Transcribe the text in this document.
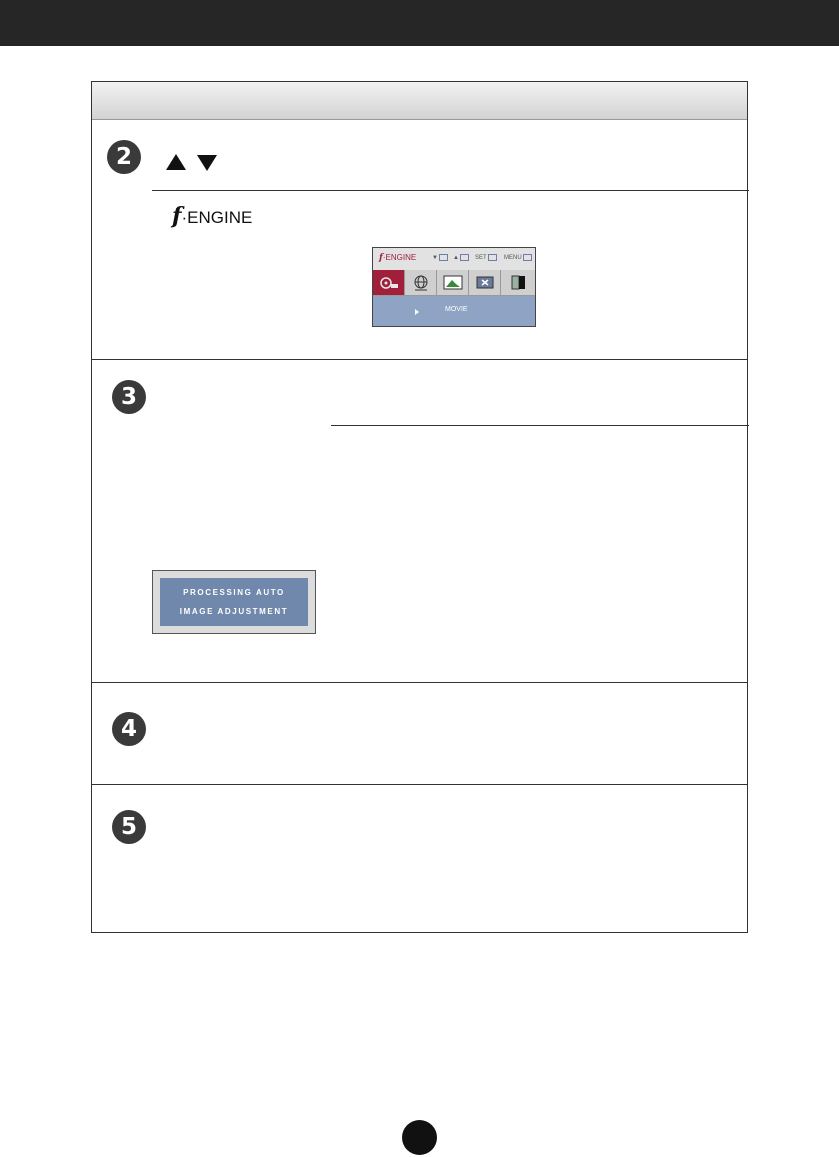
2
f·ENGINE
f·ENGINE	▼	▲	SET	MENU
MOVIE
3
PROCESSING AUTO
IMAGE ADJUSTMENT
4
5
